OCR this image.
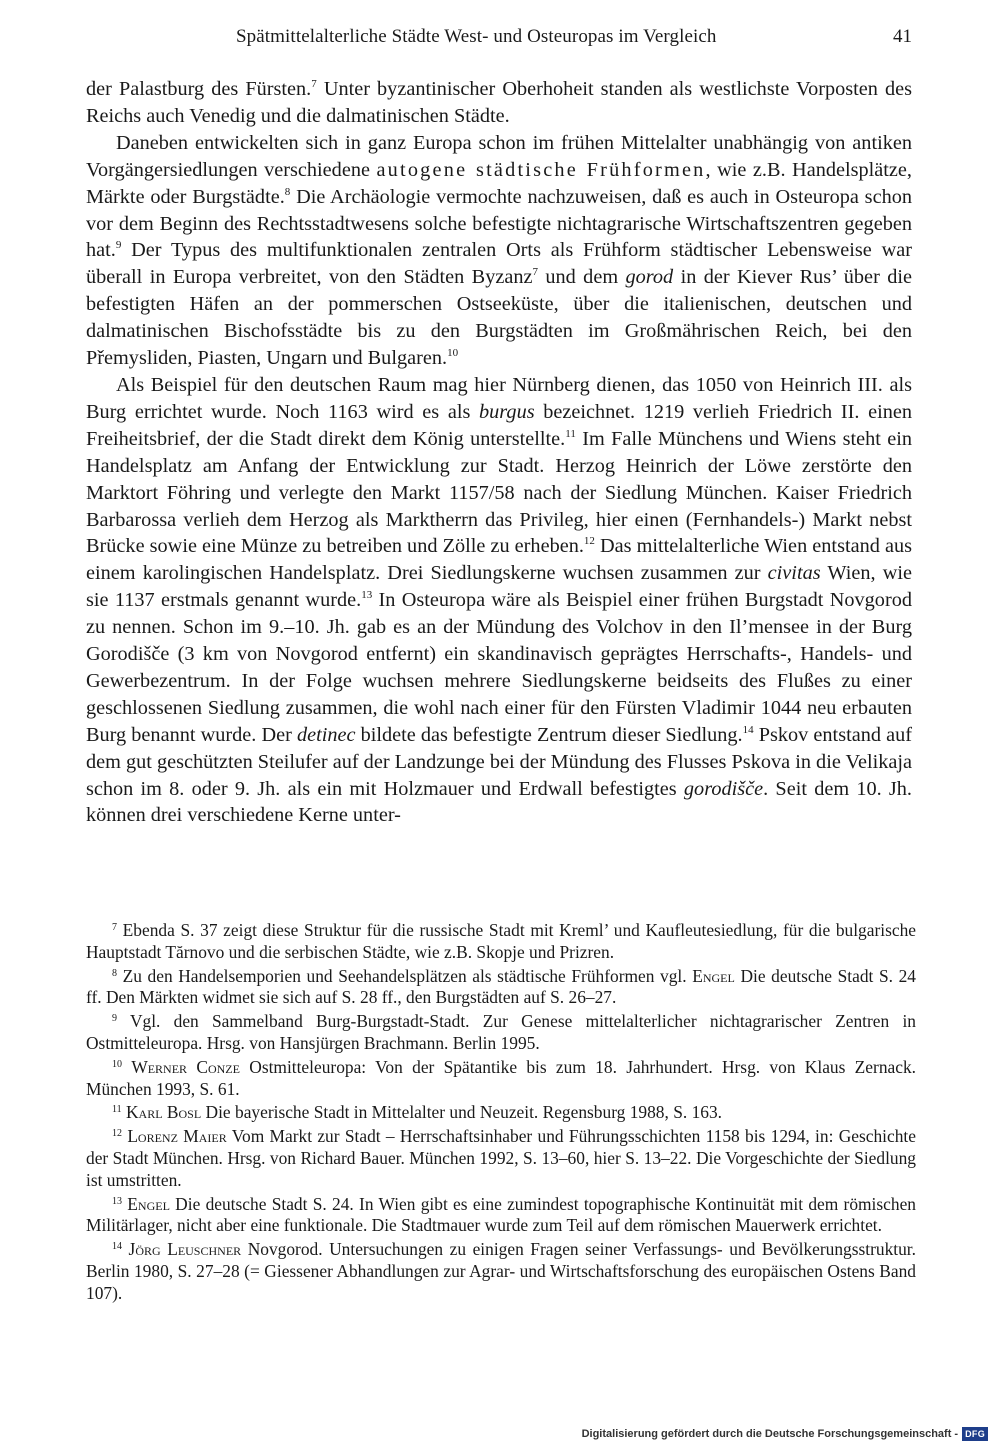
Spätmittelalterliche Städte West- und Osteuropas im Vergleich	41

der Palastburg des Fürsten.$^7$ Unter byzantinischer Oberhoheit standen als westlichste Vorposten des Reichs auch Venedig und die dalmatinischen Städte.

Daneben entwickelten sich in ganz Europa schon im frühen Mittelalter unabhängig von antiken Vorgängersiedlungen verschiedene autogene städtische Frühformen, wie z.B. Handelsplätze, Märkte oder Burgstädte.$^8$ Die Archäologie vermochte nachzuweisen, daß es auch in Osteuropa schon vor dem Beginn des Rechtsstadtwesens solche befestigte nichtagrarische Wirtschaftszentren gegeben hat.$^9$ Der Typus des multifunktionalen zentralen Orts als Frühform städtischer Lebensweise war überall in Europa verbreitet, von den Städten Byzanz$^7$ und dem gorod in der Kiever Rus’ über die befestigten Häfen an der pommerschen Ostseeküste, über die italienischen, deutschen und dalmatinischen Bischofsstädte bis zu den Burgstädten im Großmährischen Reich, bei den Přemysliden, Piasten, Ungarn und Bulgaren.$^{10}$

Als Beispiel für den deutschen Raum mag hier Nürnberg dienen, das 1050 von Heinrich III. als Burg errichtet wurde. Noch 1163 wird es als burgus bezeichnet. 1219 verlieh Friedrich II. einen Freiheitsbrief, der die Stadt direkt dem König unterstellte.$^{11}$ Im Falle Münchens und Wiens steht ein Handelsplatz am Anfang der Entwicklung zur Stadt. Herzog Heinrich der Löwe zerstörte den Marktort Föhring und verlegte den Markt 1157/58 nach der Siedlung München. Kaiser Friedrich Barbarossa verlieh dem Herzog als Marktherrn das Privileg, hier einen (Fernhandels-) Markt nebst Brücke sowie eine Münze zu betreiben und Zölle zu erheben.$^{12}$ Das mittelalterliche Wien entstand aus einem karolingischen Handelsplatz. Drei Siedlungskerne wuchsen zusammen zur civitas Wien, wie sie 1137 erstmals genannt wurde.$^{13}$ In Osteuropa wäre als Beispiel einer frühen Burgstadt Novgorod zu nennen. Schon im 9.–10. Jh. gab es an der Mündung des Volchov in den Il’mensee in der Burg Gorodišče (3 km von Novgorod entfernt) ein skandinavisch geprägtes Herrschafts-, Handels- und Gewerbezentrum. In der Folge wuchsen mehrere Siedlungskerne beidseits des Flußes zu einer geschlossenen Siedlung zusammen, die wohl nach einer für den Fürsten Vladimir 1044 neu erbauten Burg benannt wurde. Der detinec bildete das befestigte Zentrum dieser Siedlung.$^{14}$ Pskov entstand auf dem gut geschützten Steilufer auf der Landzunge bei der Mündung des Flusses Pskova in die Velikaja schon im 8. oder 9. Jh. als ein mit Holzmauer und Erdwall befestigtes gorodišče. Seit dem 10. Jh. können drei verschiedene Kerne unter-

$^7$ Ebenda S. 37 zeigt diese Struktur für die russische Stadt mit Kreml’ und Kaufleutesiedlung, für die bulgarische Hauptstadt Tărnovo und die serbischen Städte, wie z.B. Skopje und Prizren.

$^8$ Zu den Handelsemporien und Seehandelsplätzen als städtische Frühformen vgl. Engel Die deutsche Stadt S. 24 ff. Den Märkten widmet sie sich auf S. 28 ff., den Burgstädten auf S. 26–27.

$^9$ Vgl. den Sammelband Burg-Burgstadt-Stadt. Zur Genese mittelalterlicher nichtagrarischer Zentren in Ostmitteleuropa. Hrsg. von Hansjürgen Brachmann. Berlin 1995.

$^{10}$ Werner Conze Ostmitteleuropa: Von der Spätantike bis zum 18. Jahrhundert. Hrsg. von Klaus Zernack. München 1993, S. 61.

$^{11}$ Karl Bosl Die bayerische Stadt in Mittelalter und Neuzeit. Regensburg 1988, S. 163.

$^{12}$ Lorenz Maier Vom Markt zur Stadt – Herrschaftsinhaber und Führungsschichten 1158 bis 1294, in: Geschichte der Stadt München. Hrsg. von Richard Bauer. München 1992, S. 13–60, hier S. 13–22. Die Vorgeschichte der Siedlung ist umstritten.

$^{13}$ Engel Die deutsche Stadt S. 24. In Wien gibt es eine zumindest topographische Kontinuität mit dem römischen Militärlager, nicht aber eine funktionale. Die Stadtmauer wurde zum Teil auf dem römischen Mauerwerk errichtet.

$^{14}$ Jörg Leuschner Novgorod. Untersuchungen zu einigen Fragen seiner Verfassungs- und Bevölkerungsstruktur. Berlin 1980, S. 27–28 (= Giessener Abhandlungen zur Agrar- und Wirtschaftsforschung des europäischen Ostens Band 107).

Digitalisierung gefördert durch die Deutsche Forschungsgemeinschaft - DFG
